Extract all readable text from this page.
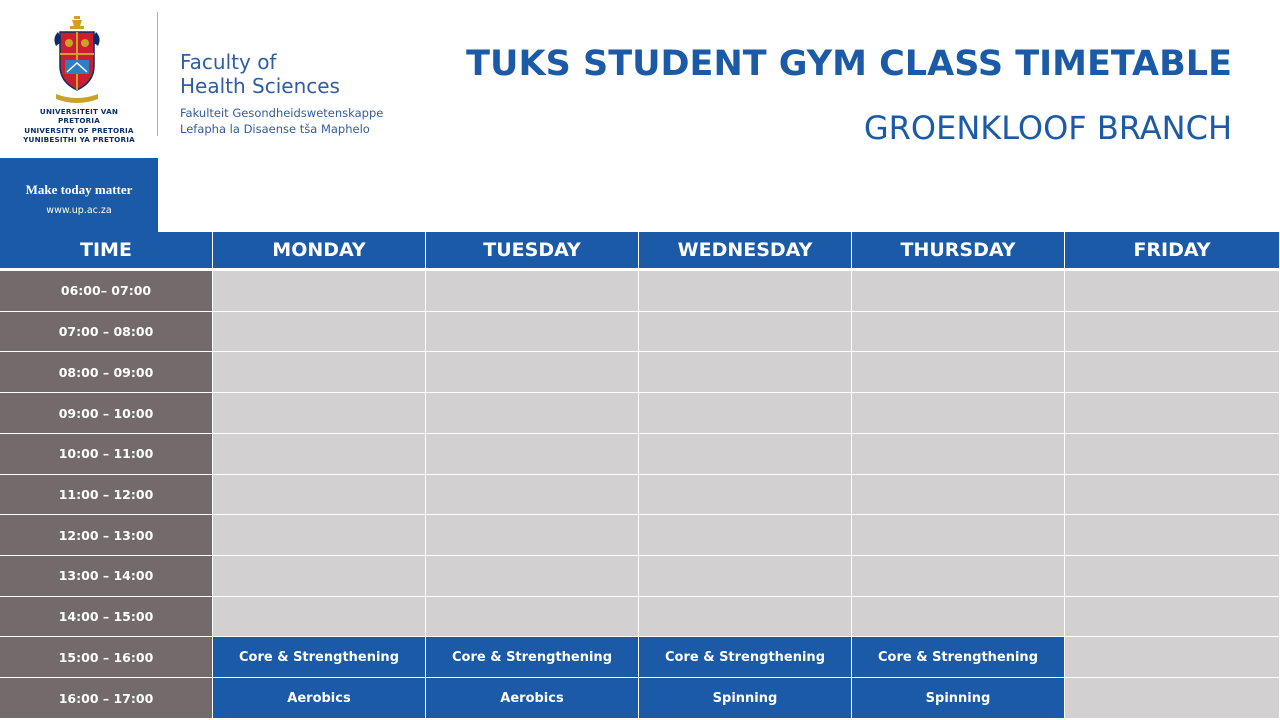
UNIVERSITEIT VAN PRETORIA
UNIVERSITY OF PRETORIA
YUNIBESITHI YA PRETORIA
Faculty of
Health Sciences
Fakulteit Gesondheidswetenskappe
Lefapha la Disaense tša Maphelo
Make today matter
www.up.ac.za
TUKS STUDENT GYM CLASS TIMETABLE
GROENKLOOF BRANCH
TIME	MONDAY	TUESDAY	WEDNESDAY	THURSDAY	FRIDAY
06:00– 07:00
07:00 – 08:00
08:00 – 09:00
09:00 – 10:00
10:00 – 11:00
11:00 – 12:00
12:00 – 13:00
13:00 – 14:00
14:00 – 15:00
15:00 – 16:00	Core & Strengthening	Core & Strengthening	Core & Strengthening	Core & Strengthening
16:00 – 17:00	Aerobics	Aerobics	Spinning	Spinning
